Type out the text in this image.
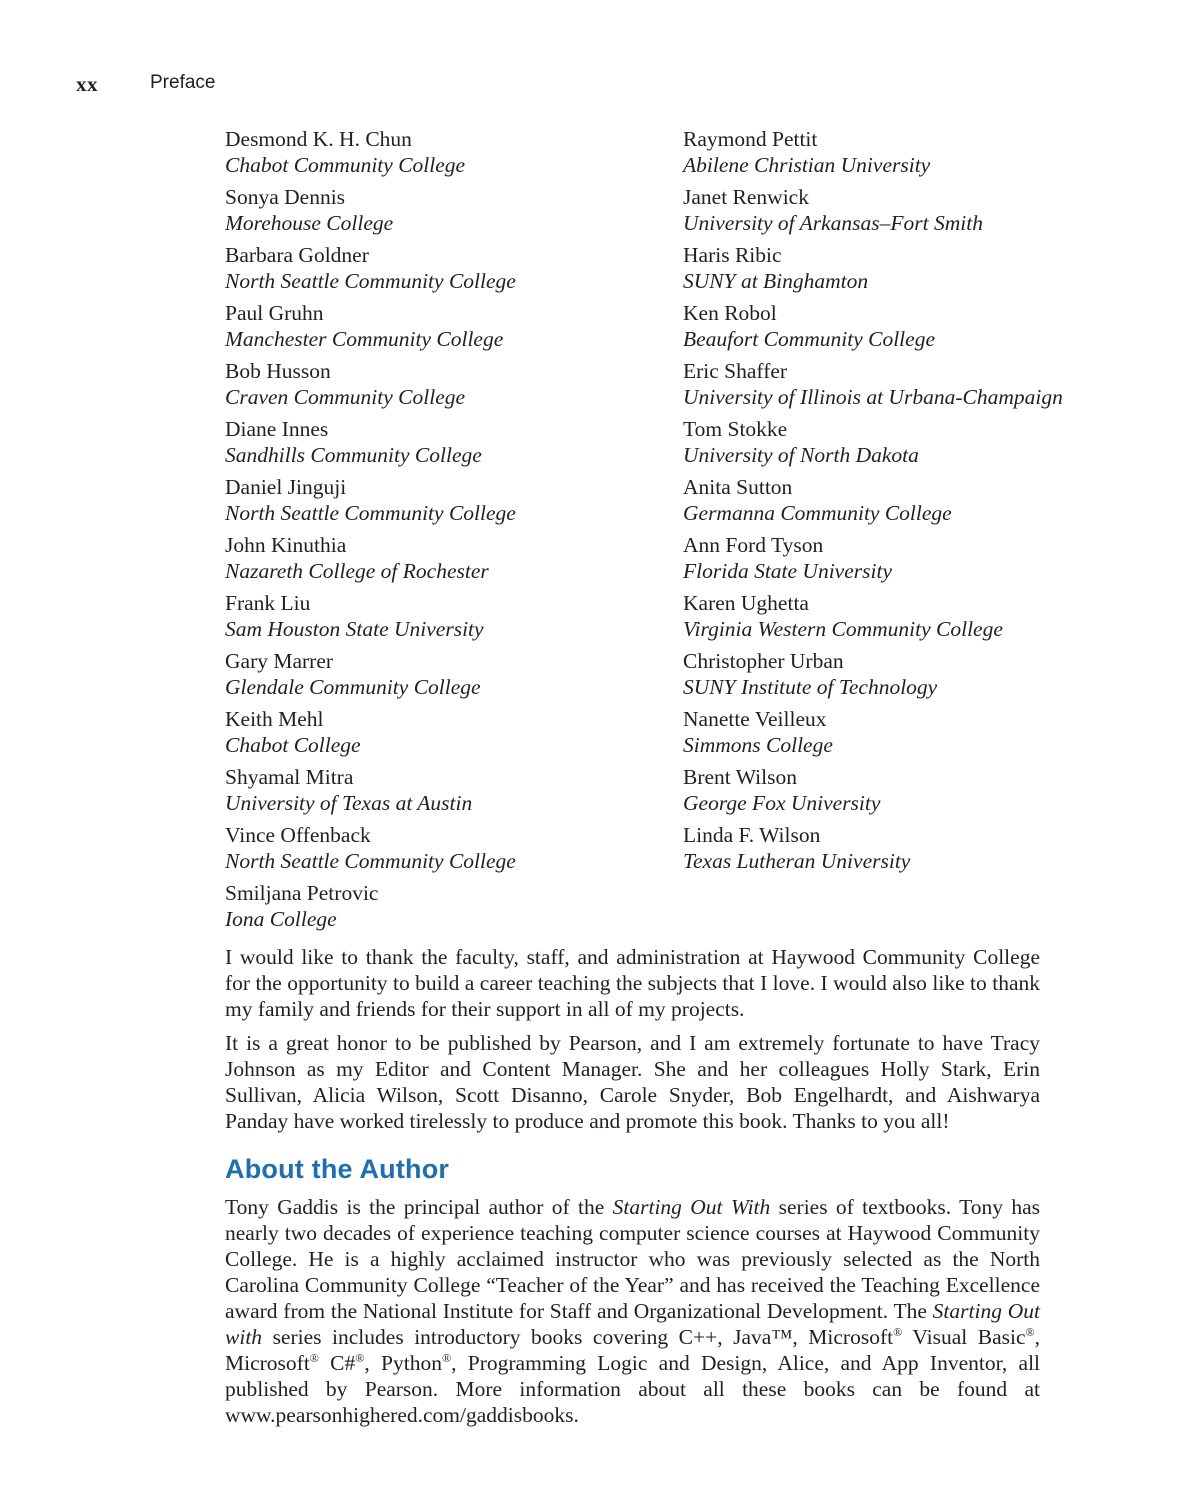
xx	Preface
Desmond K. H. Chun
Chabot Community College
Sonya Dennis
Morehouse College
Barbara Goldner
North Seattle Community College
Paul Gruhn
Manchester Community College
Bob Husson
Craven Community College
Diane Innes
Sandhills Community College
Daniel Jinguji
North Seattle Community College
John Kinuthia
Nazareth College of Rochester
Frank Liu
Sam Houston State University
Gary Marrer
Glendale Community College
Keith Mehl
Chabot College
Shyamal Mitra
University of Texas at Austin
Vince Offenback
North Seattle Community College
Smiljana Petrovic
Iona College
Raymond Pettit
Abilene Christian University
Janet Renwick
University of Arkansas–Fort Smith
Haris Ribic
SUNY at Binghamton
Ken Robol
Beaufort Community College
Eric Shaffer
University of Illinois at Urbana-Champaign
Tom Stokke
University of North Dakota
Anita Sutton
Germanna Community College
Ann Ford Tyson
Florida State University
Karen Ughetta
Virginia Western Community College
Christopher Urban
SUNY Institute of Technology
Nanette Veilleux
Simmons College
Brent Wilson
George Fox University
Linda F. Wilson
Texas Lutheran University

I would like to thank the faculty, staff, and administration at Haywood Community College for the opportunity to build a career teaching the subjects that I love. I would also like to thank my family and friends for their support in all of my projects.

It is a great honor to be published by Pearson, and I am extremely fortunate to have Tracy Johnson as my Editor and Content Manager. She and her colleagues Holly Stark, Erin Sullivan, Alicia Wilson, Scott Disanno, Carole Snyder, Bob Engelhardt, and Aishwarya Panday have worked tirelessly to produce and promote this book. Thanks to you all!

About the Author

Tony Gaddis is the principal author of the Starting Out With series of textbooks. Tony has nearly two decades of experience teaching computer science courses at Haywood Community College. He is a highly acclaimed instructor who was previously selected as the North Carolina Community College “Teacher of the Year” and has received the Teaching Excellence award from the National Institute for Staff and Organizational Development. The Starting Out with series includes introductory books covering C++, Java™, Microsoft® Visual Basic®, Microsoft® C#®, Python®, Programming Logic and Design, Alice, and App Inventor, all published by Pearson. More information about all these books can be found at www.pearsonhighered.com/gaddisbooks.
